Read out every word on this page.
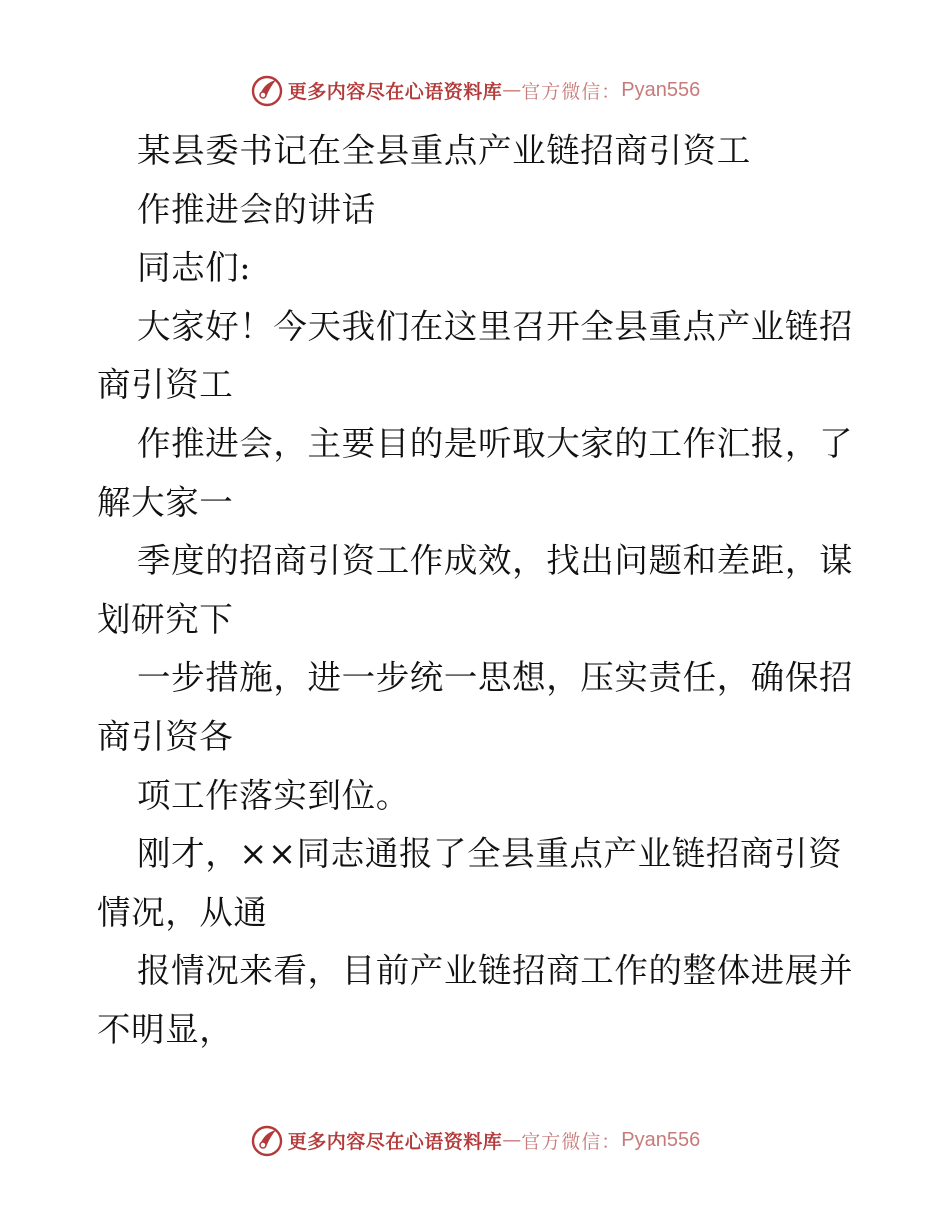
更多内容尽在心语资料库 — 官方微信： Pyan556
某县委书记在全县重点产业链招商引资工
作推进会的讲话
同志们:
大家好！今天我们在这里召开全县重点产业链招
商引资工
作推进会，主要目的是听取大家的工作汇报，了
解大家一
季度的招商引资工作成效，找出问题和差距，谋
划研究下
一步措施，进一步统一思想，压实责任，确保招
商引资各
项工作落实到位。
刚才，××同志通报了全县重点产业链招商引资
情况，从通
报情况来看，目前产业链招商工作的整体进展并
不明显，
更多内容尽在心语资料库 — 官方微信： Pyan556
